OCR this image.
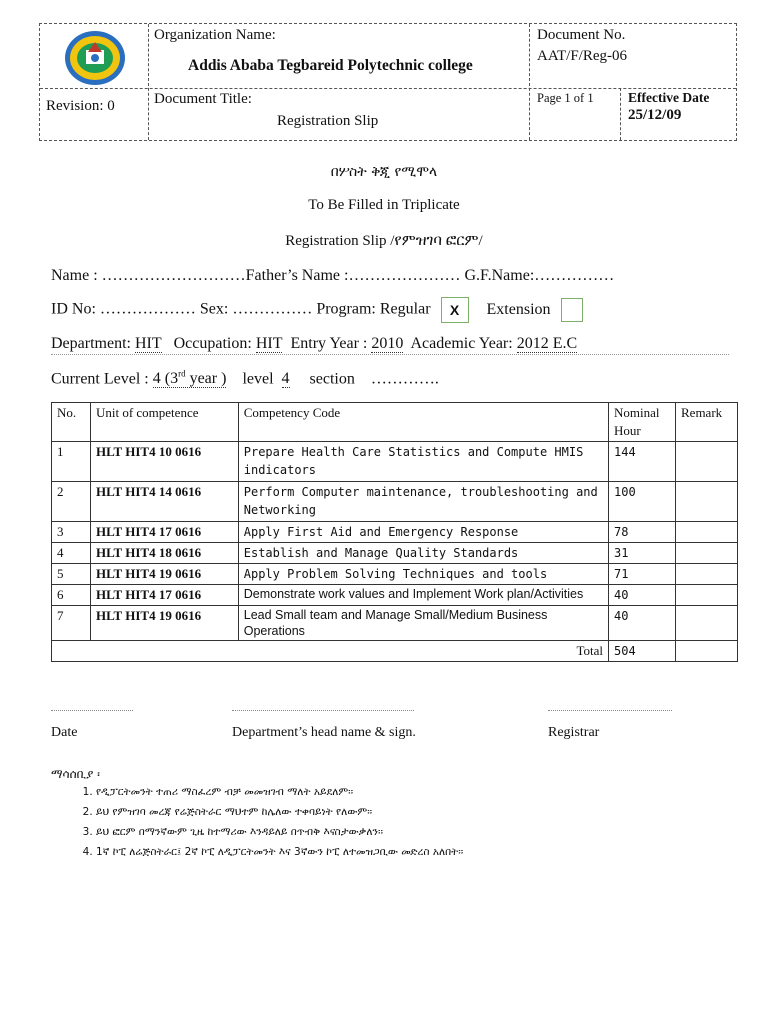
Organization Name:
Addis Ababa Tegbareid Polytechnic college
Document No.
AAT/F/Reg-06
Revision: 0	Document Title:
Registration Slip
Page 1 of 1	Effective Date
25/12/09
በሦስት ቅጂ የሚሞላ
To Be Filled in Triplicate
Registration Slip /የምዝገባ ፎርም/
Name : ………………………Father’s Name :………………… G.F.Name:……………
ID No: ……………… Sex: …………… Program: Regular X Extension
Department: HIT Occupation: HIT Entry Year : 2010 Academic Year: 2012 E.C
Current Level : 4 (3rd year ) level 4 section ………….
No.	Unit of competence	Competency Code	Nominal Hour	Remark
1	HLT HIT4 10 0616	Prepare Health Care Statistics and Compute HMIS indicators	144	
2	HLT HIT4 14 0616	Perform Computer maintenance, troubleshooting and Networking	100	
3	HLT HIT4 17 0616	Apply First Aid and Emergency Response	78	
4	HLT HIT4 18 0616	Establish and Manage Quality Standards	31	
5	HLT HIT4 19 0616	Apply Problem Solving Techniques and tools	71	
6	HLT HIT4 17 0616	Demonstrate work values and Implement Work plan/Activities	40	
7	HLT HIT4 19 0616	Lead Small team and Manage Small/Medium Business Operations	40	
Total			504	
Date	Department’s head name & sign.	Registrar
ማሳሰቢያ ፡
1. የዲፓርትመንት ተጠሪ ማስፈረም ብቻ መመዝገብ ማለት አይደለም፡፡
2. ይህ የምዝገባ መረጃ የሬጅስትራር ማህተም ከሌለው ተቀባይነት የለውም፡፡
3. ይህ ፎርም በማንኛውም ጊዜ ከተማሪው እንዳይለይ በጥብቅ እናስታውቃለን፡፡
4. 1ኛ ኮፒ ለሬጅስትራር፤ 2ኛ ኮፒ ለዲፓርትመንት እና 3ኛውን ኮፒ ለተመዝጋቢው መድረስ አለበት፡፡
